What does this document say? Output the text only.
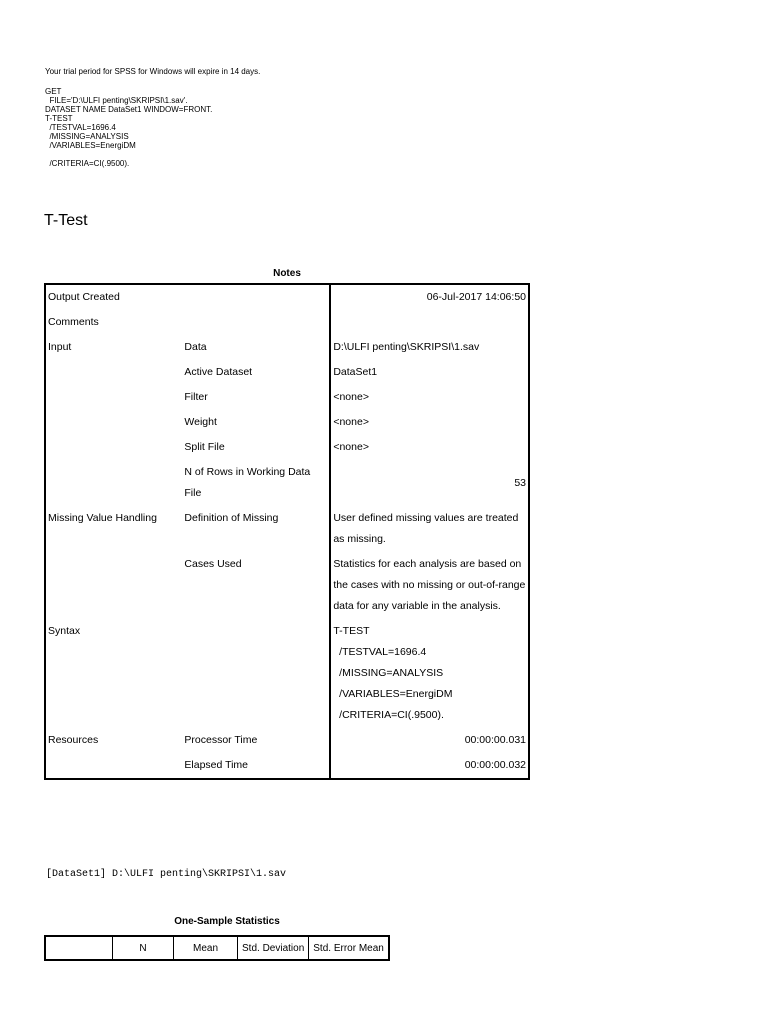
Your trial period for SPSS for Windows will expire in 14 days.
GET
FILE='D:\ULFI penting\SKRIPSI\1.sav'.
DATASET NAME DataSet1 WINDOW=FRONT.
T-TEST
/TESTVAL=1696.4
/MISSING=ANALYSIS
/VARIABLES=EnergiDM

/CRITERIA=CI(.9500).
T-Test
Notes
Output Created		06-Jul-2017 14:06:50
Comments		
Input	Data	D:\ULFI penting\SKRIPSI\1.sav
	Active Dataset	DataSet1
	Filter	<none>
	Weight	<none>
	Split File	<none>
	N of Rows in Working Data File	53
Missing Value Handling	Definition of Missing	User defined missing values are treated as missing.
	Cases Used	Statistics for each analysis are based on the cases with no missing or out-of-range data for any variable in the analysis.
Syntax		T-TEST
/TESTVAL=1696.4
/MISSING=ANALYSIS
/VARIABLES=EnergiDM
/CRITERIA=CI(.9500).

Resources	Processor Time	00:00:00.031
	Elapsed Time	00:00:00.032
[DataSet1] D:\ULFI penting\SKRIPSI\1.sav
One-Sample Statistics
	N	Mean	Std. Deviation	Std. Error Mean
